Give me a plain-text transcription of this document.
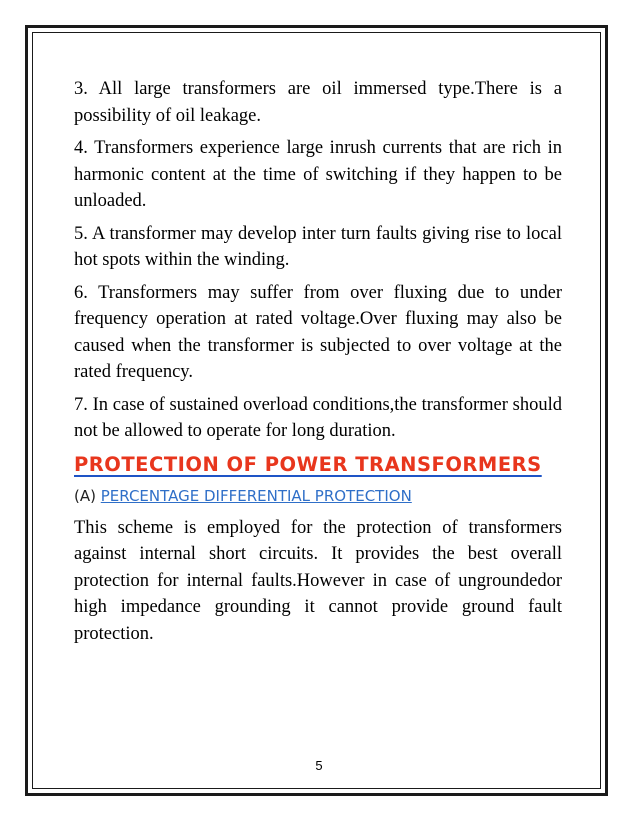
3. All large transformers are oil immersed type.There is a possibility of oil leakage.

4. Transformers experience large inrush currents that are rich in harmonic content at the time of switching if they happen to be unloaded.

5. A transformer may develop inter turn faults giving rise to local hot spots within the winding.

6. Transformers may suffer from over fluxing due to under frequency operation at rated voltage.Over fluxing may also be caused when the transformer is subjected to over voltage at the rated frequency.

7. In case of sustained overload conditions,the transformer should not be allowed to operate for long duration.

PROTECTION OF POWER TRANSFORMERS
(A) PERCENTAGE DIFFERENTIAL PROTECTION

This scheme is employed for the protection of transformers against internal short circuits. It provides the best overall protection for internal faults.However in case of ungroundedor high impedance grounding it cannot provide ground fault protection.

5
